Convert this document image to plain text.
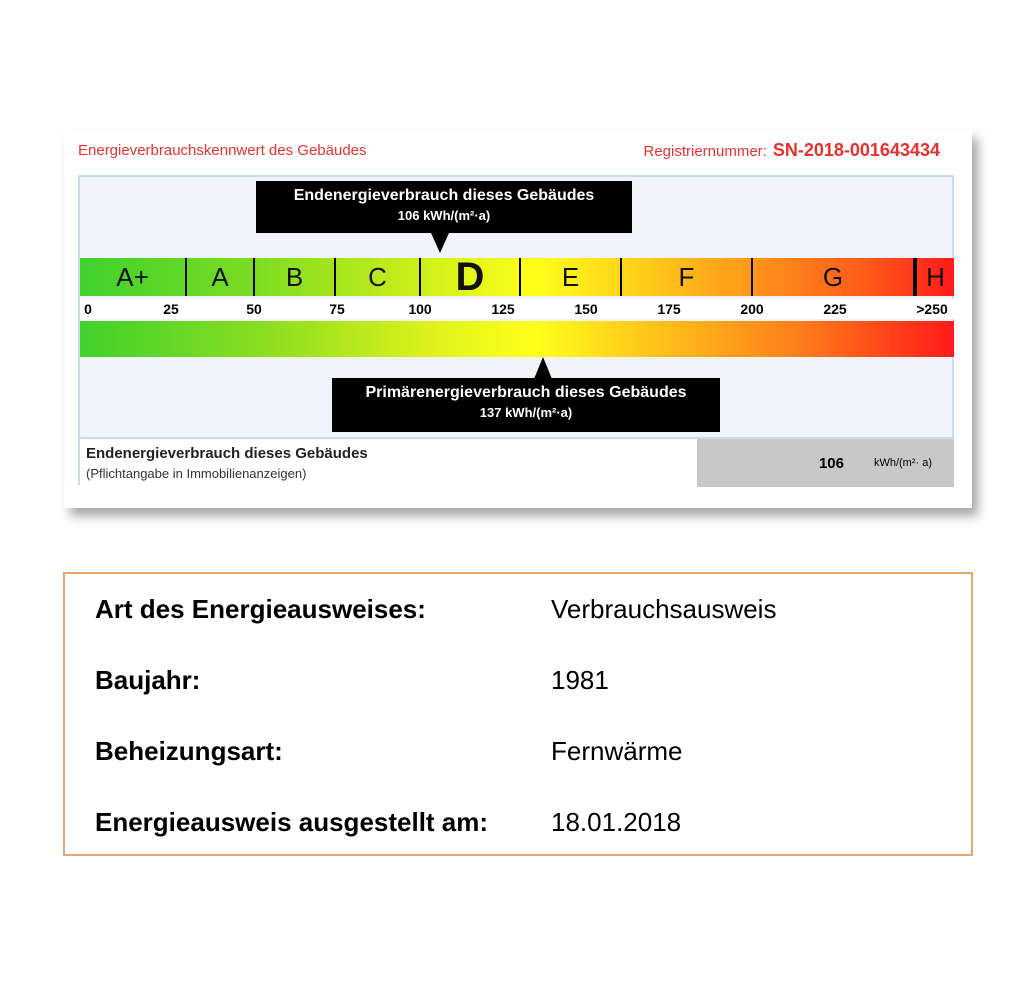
Energieverbrauchskennwert des Gebäudes	Registriernummer: SN-2018-001643434
Endenergieverbrauch dieses Gebäudes
106 kWh/(m²·a)
A+	A	B	C	D	E	F	G	H
0	25	50	75	100	125	150	175	200	225	>250
Primärenergieverbrauch dieses Gebäudes
137 kWh/(m²·a)
Endenergieverbrauch dieses Gebäudes
(Pflichtangabe in Immobilienanzeigen)
106	kWh/(m²· a)
Art des Energieausweises:	Verbrauchsausweis
Baujahr:	1981
Beheizungsart:	Fernwärme
Energieausweis ausgestellt am: 18.01.2018
